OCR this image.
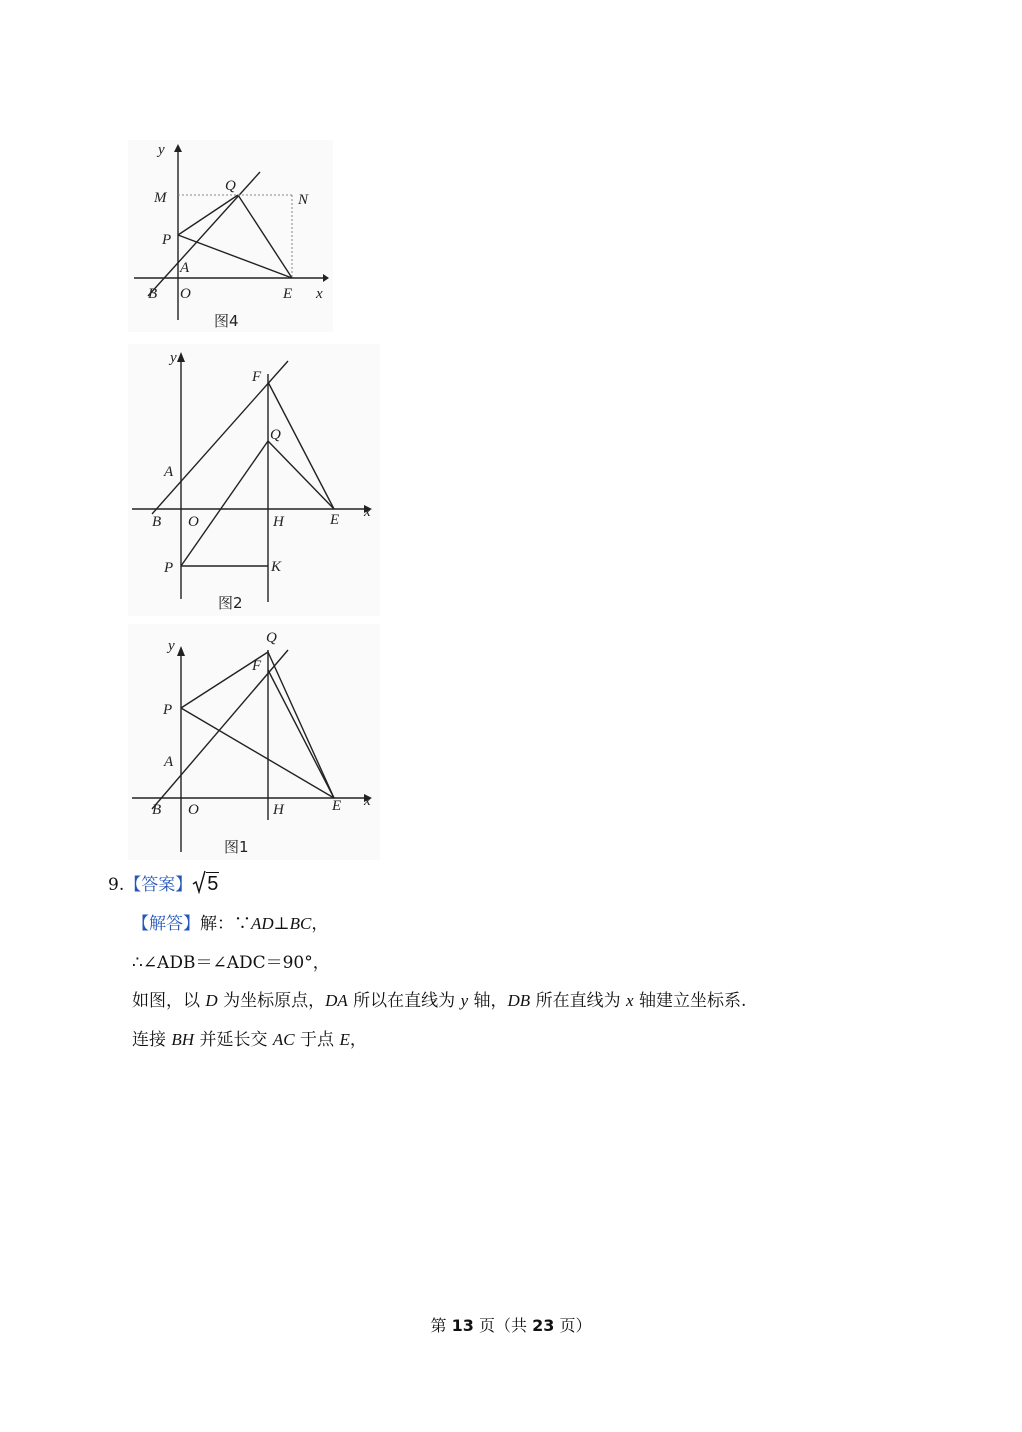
y
M
Q
N
P
A
B O	E x
图4
y
F
Q
A
B O	H	E x
P	K
图2
y	Q
F
P
A
B O	H	E x
图1
9.【答案】 5
【解答】解：∵AD⊥BC，
∴∠ADB＝∠ADC＝90°，
如图，以 D 为坐标原点，DA 所以在直线为 y 轴，DB 所在直线为 x 轴建立坐标系.
连接 BH 并延长交 AC 于点 E，
第 13 页（共 23 页）
